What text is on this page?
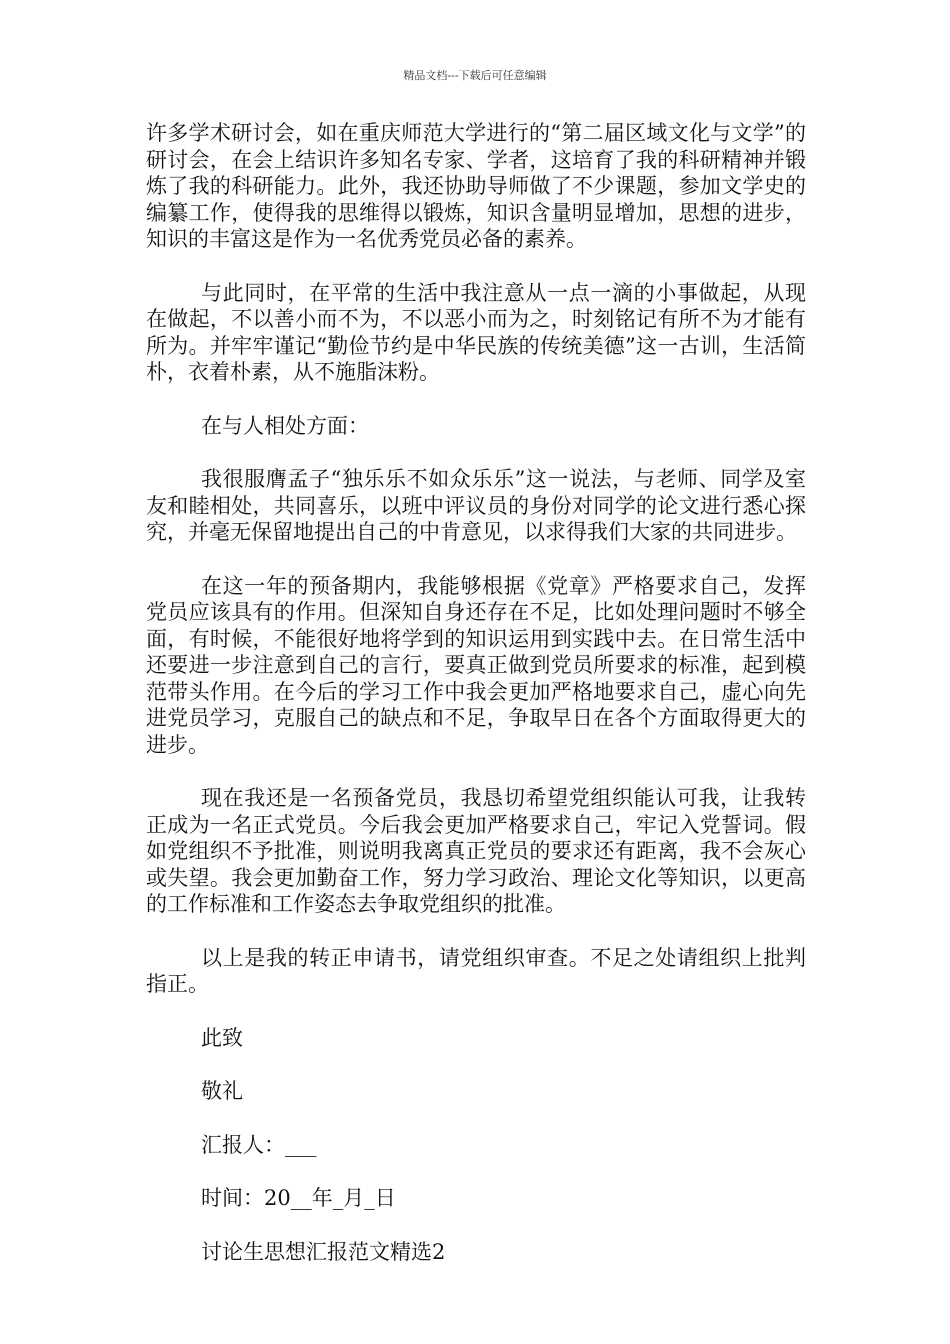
精品文档---下载后可任意编辑

许多学术研讨会，如在重庆师范大学进行的“第二届区域文化与文学”的研讨会，在会上结识许多知名专家、学者，这培育了我的科研精神并锻炼了我的科研能力。此外，我还协助导师做了不少课题，参加文学史的编纂工作，使得我的思维得以锻炼，知识含量明显增加，思想的进步，知识的丰富这是作为一名优秀党员必备的素养。

与此同时，在平常的生活中我注意从一点一滴的小事做起，从现在做起，不以善小而不为，不以恶小而为之，时刻铭记有所不为才能有所为。并牢牢谨记“勤俭节约是中华民族的传统美德”这一古训，生活简朴，衣着朴素，从不施脂沫粉。

在与人相处方面：

我很服膺孟子“独乐乐不如众乐乐”这一说法，与老师、同学及室友和睦相处，共同喜乐，以班中评议员的身份对同学的论文进行悉心探究，并毫无保留地提出自己的中肯意见，以求得我们大家的共同进步。

在这一年的预备期内，我能够根据《党章》严格要求自己，发挥党员应该具有的作用。但深知自身还存在不足，比如处理问题时不够全面，有时候，不能很好地将学到的知识运用到实践中去。在日常生活中还要进一步注意到自己的言行，要真正做到党员所要求的标准，起到模范带头作用。在今后的学习工作中我会更加严格地要求自己，虚心向先进党员学习，克服自己的缺点和不足，争取早日在各个方面取得更大的进步。

现在我还是一名预备党员，我恳切希望党组织能认可我，让我转正成为一名正式党员。今后我会更加严格要求自己，牢记入党誓词。假如党组织不予批准，则说明我离真正党员的要求还有距离，我不会灰心或失望。我会更加勤奋工作，努力学习政治、理论文化等知识，以更高的工作标准和工作姿态去争取党组织的批准。

以上是我的转正申请书，请党组织审查。不足之处请组织上批判指正。

此致
敬礼
汇报人：___
时间：20__年_月_日
讨论生思想汇报范文精选2
